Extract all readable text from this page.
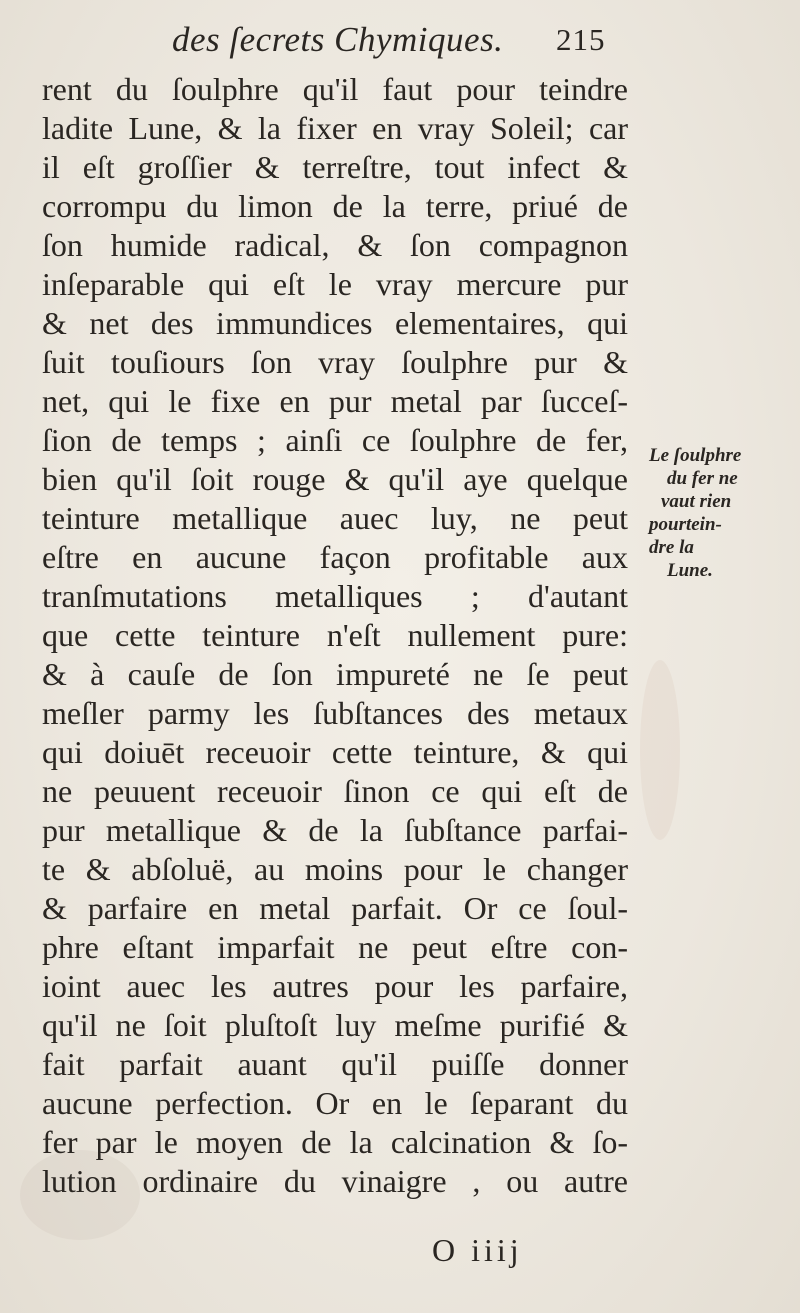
des ſecrets Chymiques. 215
rent du ſoulphre qu'il faut pour teindre
ladite Lune, & la fixer en vray Soleil; car
il eſt groſſier & terreſtre, tout infect &
corrompu du limon de la terre, priué de
ſon humide radical, & ſon compagnon
inſeparable qui eſt le vray mercure pur
& net des immundices elementaires, qui
ſuit touſiours ſon vray ſoulphre pur &
net, qui le fixe en pur metal par ſucceſ-
ſion de temps ; ainſi ce ſoulphre de fer,
bien qu'il ſoit rouge & qu'il aye quelque
teinture metallique auec luy, ne peut
eſtre en aucune façon profitable aux
tranſmutations metalliques ; d'autant
que cette teinture n'eſt nullement pure:
& à cauſe de ſon impureté ne ſe peut
meſler parmy les ſubſtances des metaux
qui doiuēt receuoir cette teinture, & qui
ne peuuent receuoir ſinon ce qui eſt de
pur metallique & de la ſubſtance parfai-
te & abſoluë, au moins pour le changer
& parfaire en metal parfait. Or ce ſoul-
phre eſtant imparfait ne peut eſtre con-
ioint auec les autres pour les parfaire,
qu'il ne ſoit pluſtoſt luy meſme purifié &
fait parfait auant qu'il puiſſe donner
aucune perfection. Or en le ſeparant du
fer par le moyen de la calcination & ſo-
lution ordinaire du vinaigre , ou autre
Le ſoulphre
du fer ne
vaut rien
pourtein-
dre la
Lune.
O iiij
